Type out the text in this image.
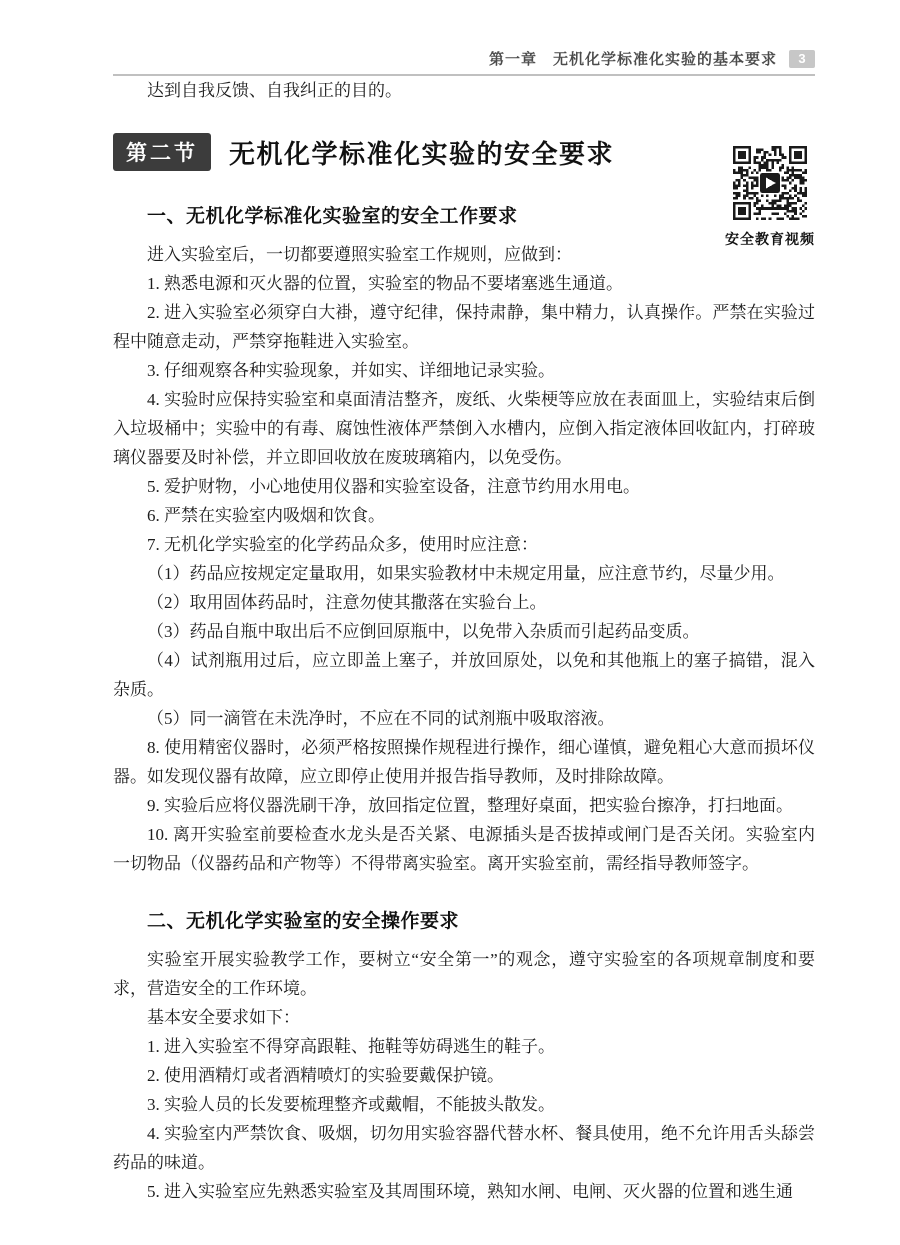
第一章　无机化学标准化实验的基本要求	3

达到自我反馈、自我纠正的目的。

第二节	无机化学标准化实验的安全要求
安全教育视频
一、无机化学标准化实验室的安全工作要求

进入实验室后，一切都要遵照实验室工作规则，应做到：

1. 熟悉电源和灭火器的位置，实验室的物品不要堵塞逃生通道。

2. 进入实验室必须穿白大褂，遵守纪律，保持肃静，集中精力，认真操作。严禁在实验过程中随意走动，严禁穿拖鞋进入实验室。

3. 仔细观察各种实验现象，并如实、详细地记录实验。

4. 实验时应保持实验室和桌面清洁整齐，废纸、火柴梗等应放在表面皿上，实验结束后倒入垃圾桶中；实验中的有毒、腐蚀性液体严禁倒入水槽内，应倒入指定液体回收缸内，打碎玻璃仪器要及时补偿，并立即回收放在废玻璃箱内，以免受伤。

5. 爱护财物，小心地使用仪器和实验室设备，注意节约用水用电。

6. 严禁在实验室内吸烟和饮食。

7. 无机化学实验室的化学药品众多，使用时应注意：

（1）药品应按规定定量取用，如果实验教材中未规定用量，应注意节约，尽量少用。

（2）取用固体药品时，注意勿使其撒落在实验台上。

（3）药品自瓶中取出后不应倒回原瓶中，以免带入杂质而引起药品变质。

（4）试剂瓶用过后，应立即盖上塞子，并放回原处，以免和其他瓶上的塞子搞错，混入杂质。

（5）同一滴管在未洗净时，不应在不同的试剂瓶中吸取溶液。

8. 使用精密仪器时，必须严格按照操作规程进行操作，细心谨慎，避免粗心大意而损坏仪器。如发现仪器有故障，应立即停止使用并报告指导教师，及时排除故障。

9. 实验后应将仪器洗刷干净，放回指定位置，整理好桌面，把实验台擦净，打扫地面。

10. 离开实验室前要检查水龙头是否关紧、电源插头是否拔掉或闸门是否关闭。实验室内一切物品（仪器药品和产物等）不得带离实验室。离开实验室前，需经指导教师签字。

二、无机化学实验室的安全操作要求

实验室开展实验教学工作，要树立“安全第一”的观念，遵守实验室的各项规章制度和要求，营造安全的工作环境。

基本安全要求如下：

1. 进入实验室不得穿高跟鞋、拖鞋等妨碍逃生的鞋子。

2. 使用酒精灯或者酒精喷灯的实验要戴保护镜。

3. 实验人员的长发要梳理整齐或戴帽，不能披头散发。

4. 实验室内严禁饮食、吸烟，切勿用实验容器代替水杯、餐具使用，绝不允许用舌头舔尝药品的味道。

5. 进入实验室应先熟悉实验室及其周围环境，熟知水闸、电闸、灭火器的位置和逃生通
